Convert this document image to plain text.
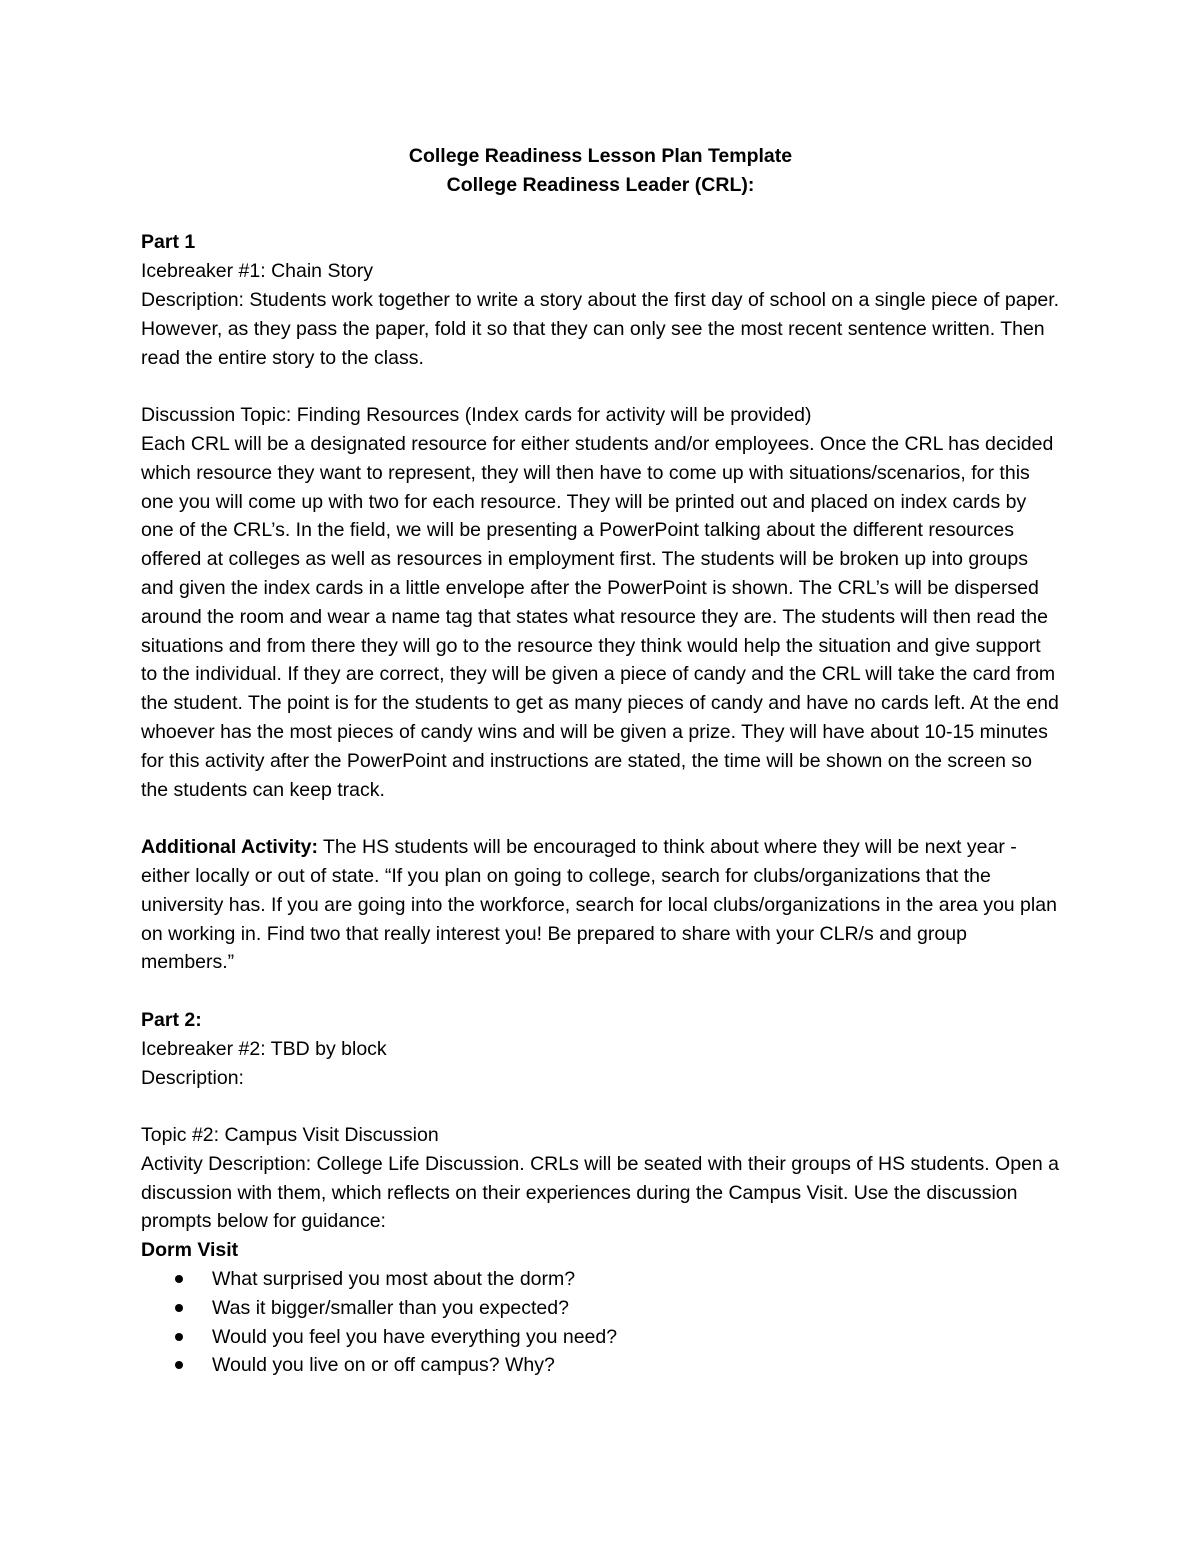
College Readiness Lesson Plan Template

College Readiness Leader (CRL):

Part 1

Icebreaker #1: Chain Story

Description: Students work together to write a story about the first day of school on a single piece of paper. However, as they pass the paper, fold it so that they can only see the most recent sentence written. Then read the entire story to the class.

Discussion Topic: Finding Resources (Index cards for activity will be provided)

Each CRL will be a designated resource for either students and/or employees. Once the CRL has decided which resource they want to represent, they will then have to come up with situations/scenarios, for this one you will come up with two for each resource. They will be printed out and placed on index cards by one of the CRL’s. In the field, we will be presenting a PowerPoint talking about the different resources offered at colleges as well as resources in employment first. The students will be broken up into groups and given the index cards in a little envelope after the PowerPoint is shown. The CRL’s will be dispersed around the room and wear a name tag that states what resource they are. The students will then read the situations and from there they will go to the resource they think would help the situation and give support to the individual. If they are correct, they will be given a piece of candy and the CRL will take the card from the student. The point is for the students to get as many pieces of candy and have no cards left. At the end whoever has the most pieces of candy wins and will be given a prize. They will have about 10-15 minutes for this activity after the PowerPoint and instructions are stated, the time will be shown on the screen so the students can keep track.

Additional Activity: The HS students will be encouraged to think about where they will be next year - either locally or out of state. “If you plan on going to college, search for clubs/organizations that the university has. If you are going into the workforce, search for local clubs/organizations in the area you plan on working in. Find two that really interest you! Be prepared to share with your CLR/s and group members.”

Part 2:

Icebreaker #2: TBD by block

Description:

Topic #2: Campus Visit Discussion

Activity Description: College Life Discussion. CRLs will be seated with their groups of HS students. Open a discussion with them, which reflects on their experiences during the Campus Visit. Use the discussion prompts below for guidance:

Dorm Visit

What surprised you most about the dorm?
Was it bigger/smaller than you expected?
Would you feel you have everything you need?
Would you live on or off campus? Why?
